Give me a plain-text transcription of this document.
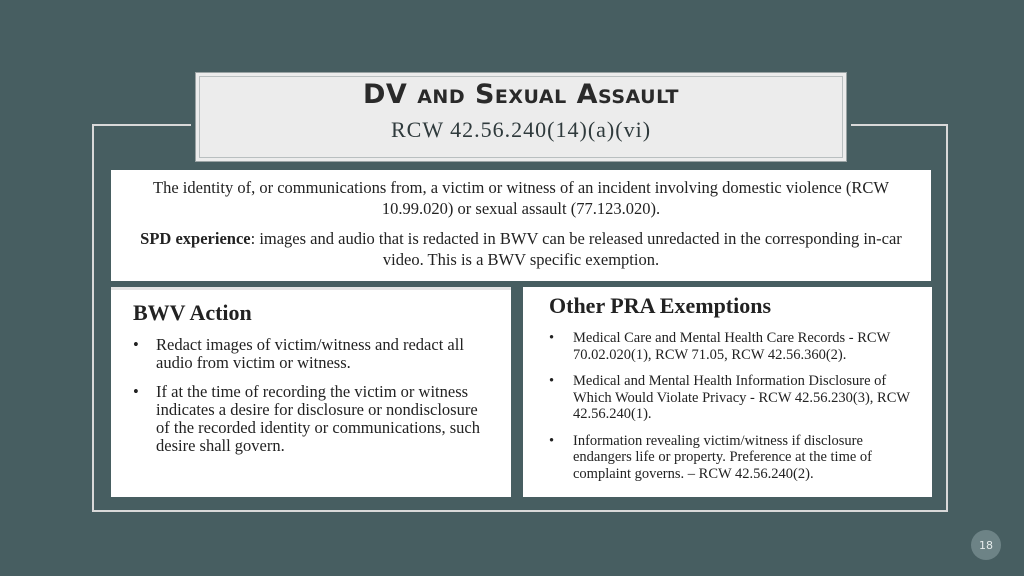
DV and Sexual Assault
RCW 42.56.240(14)(a)(vi)

The identity of, or communications from, a victim or witness of an incident involving domestic violence (RCW 10.99.020) or sexual assault (77.123.020).

SPD experience: images and audio that is redacted in BWV can be released unredacted in the corresponding in-car video. This is a BWV specific exemption.

BWV Action
• Redact images of victim/witness and redact all audio from victim or witness.
• If at the time of recording the victim or witness indicates a desire for disclosure or nondisclosure of the recorded identity or communications, such desire shall govern.
Other PRA Exemptions
• Medical Care and Mental Health Care Records - RCW 70.02.020(1), RCW 71.05, RCW 42.56.360(2).
• Medical and Mental Health Information Disclosure of Which Would Violate Privacy - RCW 42.56.230(3), RCW 42.56.240(1).
• Information revealing victim/witness if disclosure endangers life or property. Preference at the time of complaint governs. – RCW 42.56.240(2).
18
